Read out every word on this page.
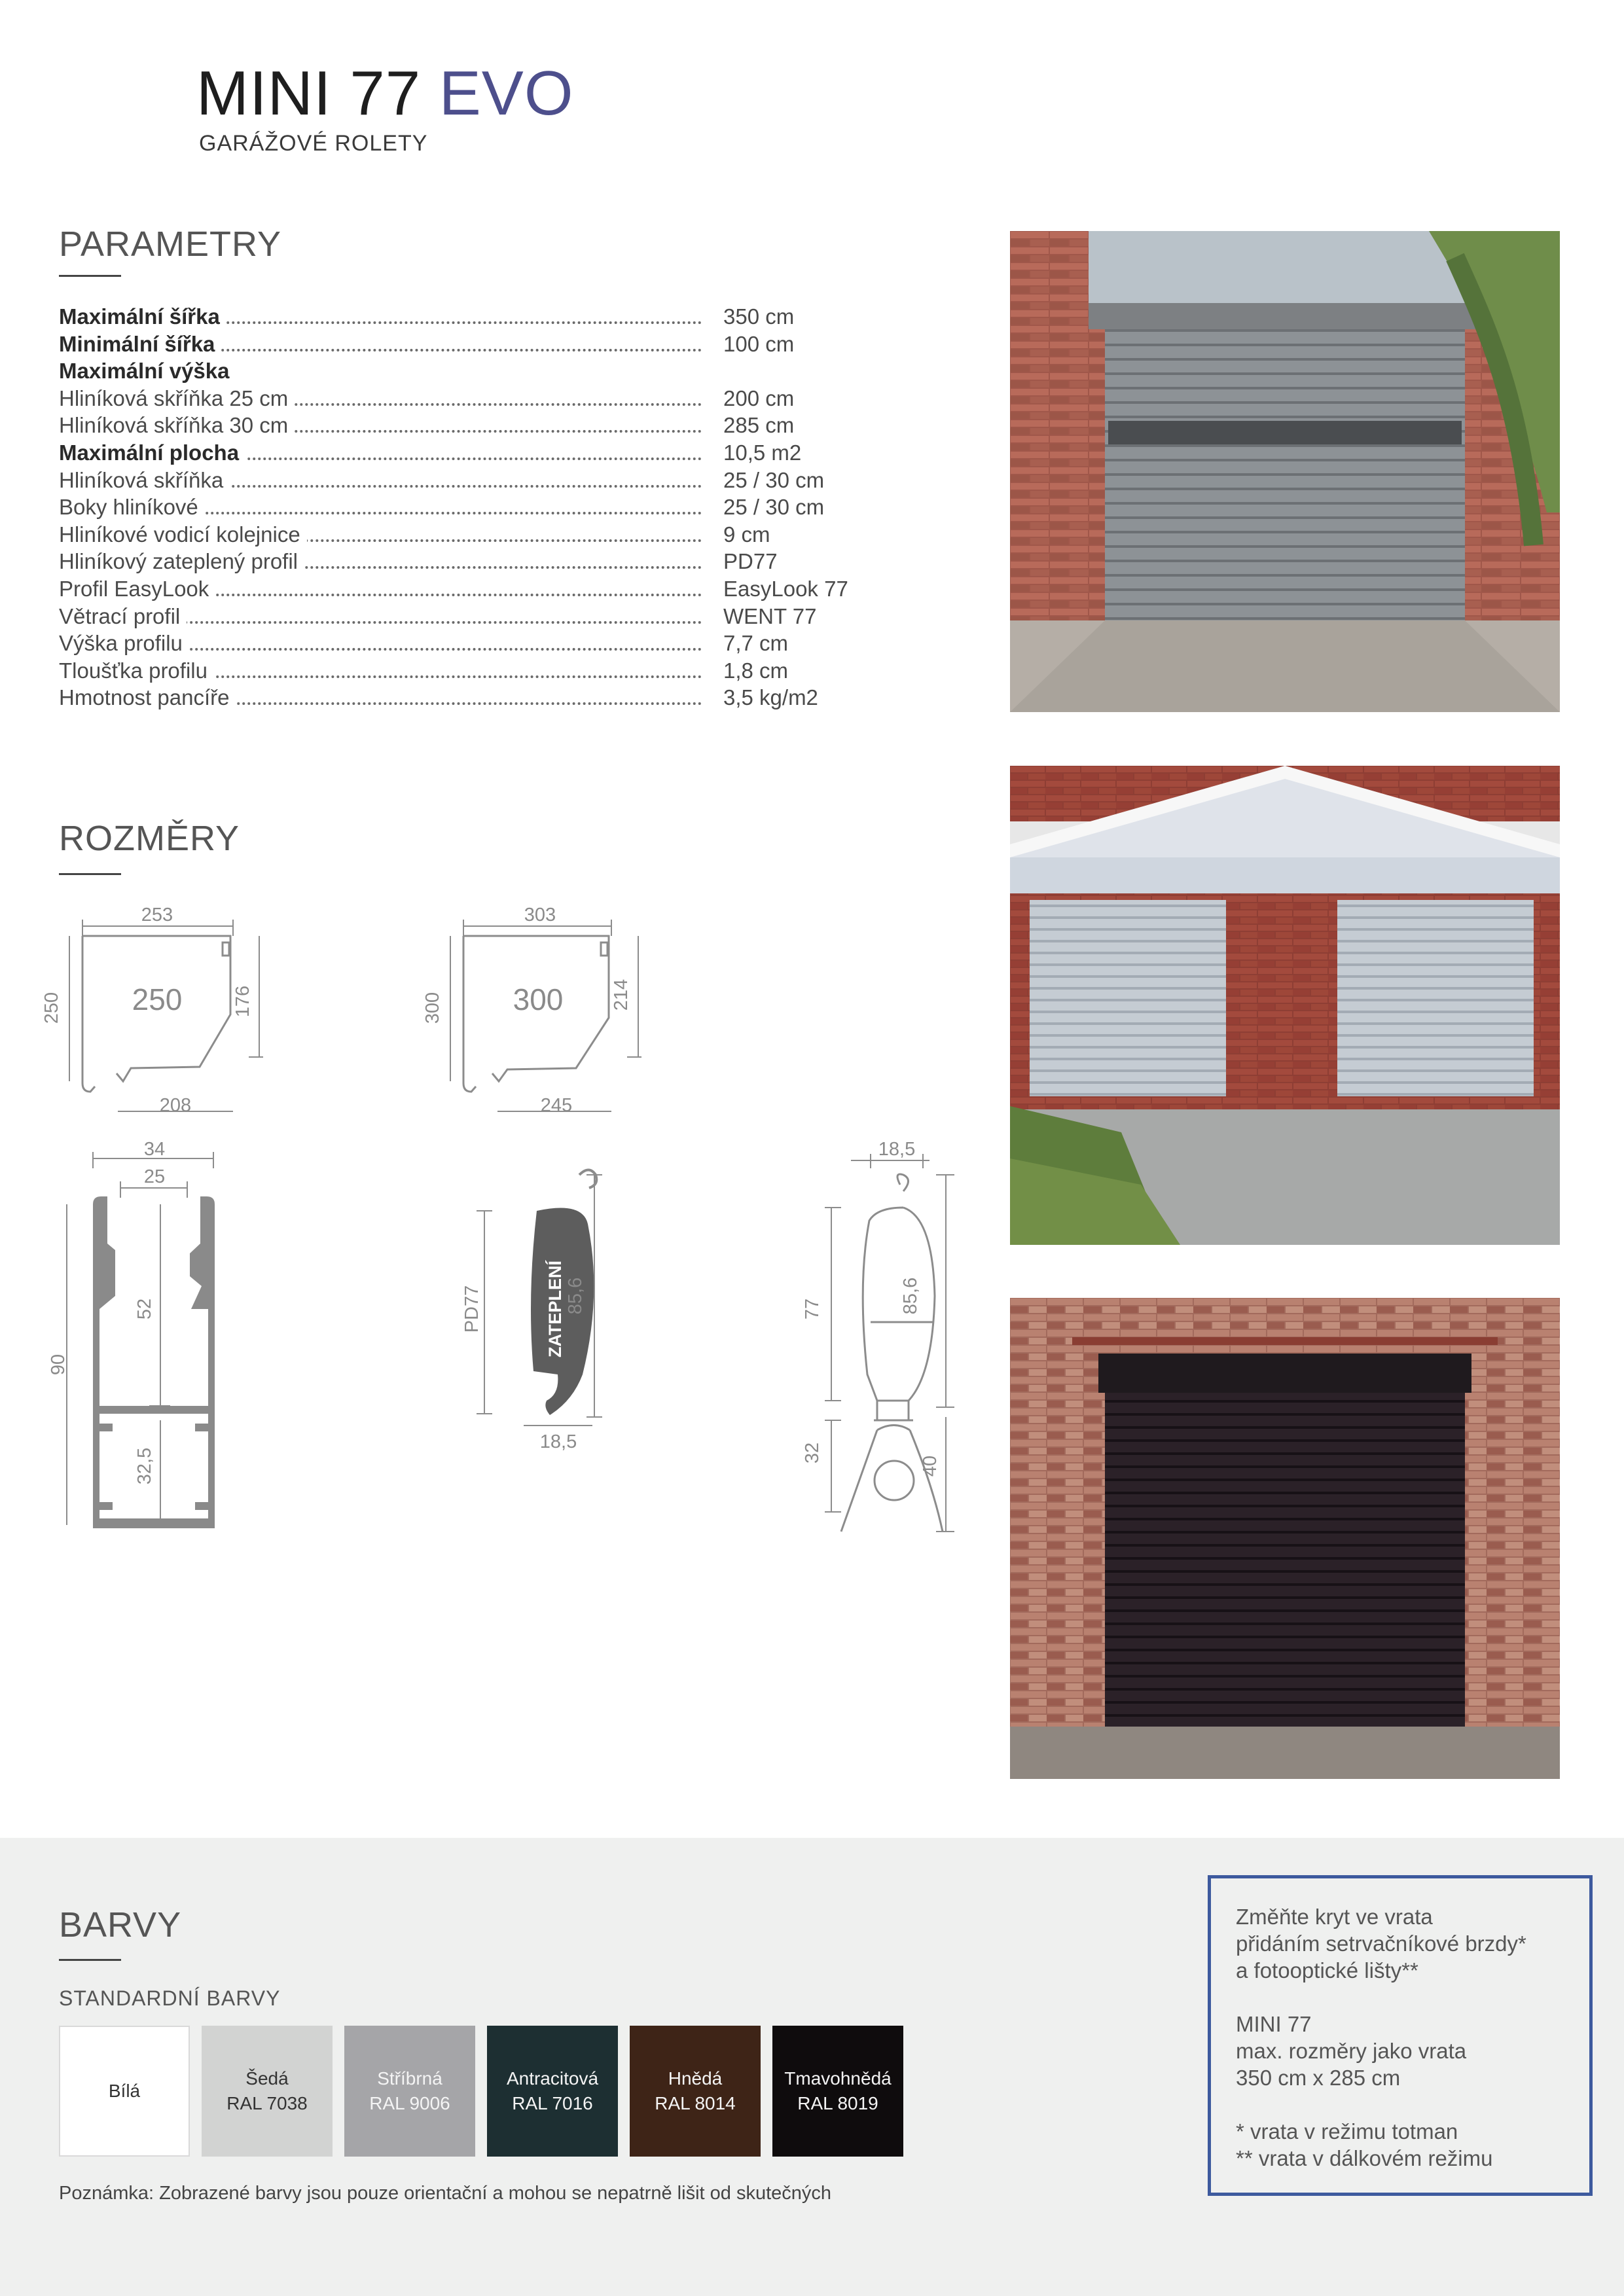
MINI 77 EVO
GARÁŽOVÉ ROLETY
PARAMETRY
Maximální šířka	350 cm
Minimální šířka	100 cm
Maximální výška
Hliníková skříňka 25 cm	200 cm
Hliníková skříňka 30 cm	285 cm
Maximální plocha	10,5 m2
Hliníková skříňka	25 / 30 cm
Boky hliníkové	25 / 30 cm
Hliníkové vodicí kolejnice	9 cm
Hliníkový zateplený profil	PD77
Profil EasyLook	EasyLook 77
Větrací profil	WENT 77
Výška profilu	7,7 cm
Tloušťka profilu	1,8 cm
Hmotnost pancíře	3,5 kg/m2
ROZMĚRY
253
250 250	176
208
303
300 300	214
245
34
25
90
52
32,5
PD77	ZATEPLENÍ 85,6
18,5
18,5
77	85,6
32
40
BARVY
STANDARDNÍ BARVY
Bílá
Šedá
RAL 7038
Stříbrná
RAL 9006
Antracitová
RAL 7016
Hnědá
RAL 8014
Tmavohnědá
RAL 8019
Poznámka: Zobrazené barvy jsou pouze orientační a mohou se nepatrně lišit od skutečných

Změňte kryt ve vrata

přidáním setrvačníkové brzdy*

a fotooptické lišty**

MINI 77

max. rozměry jako vrata

350 cm x 285 cm

* vrata v režimu totman

** vrata v dálkovém režimu
